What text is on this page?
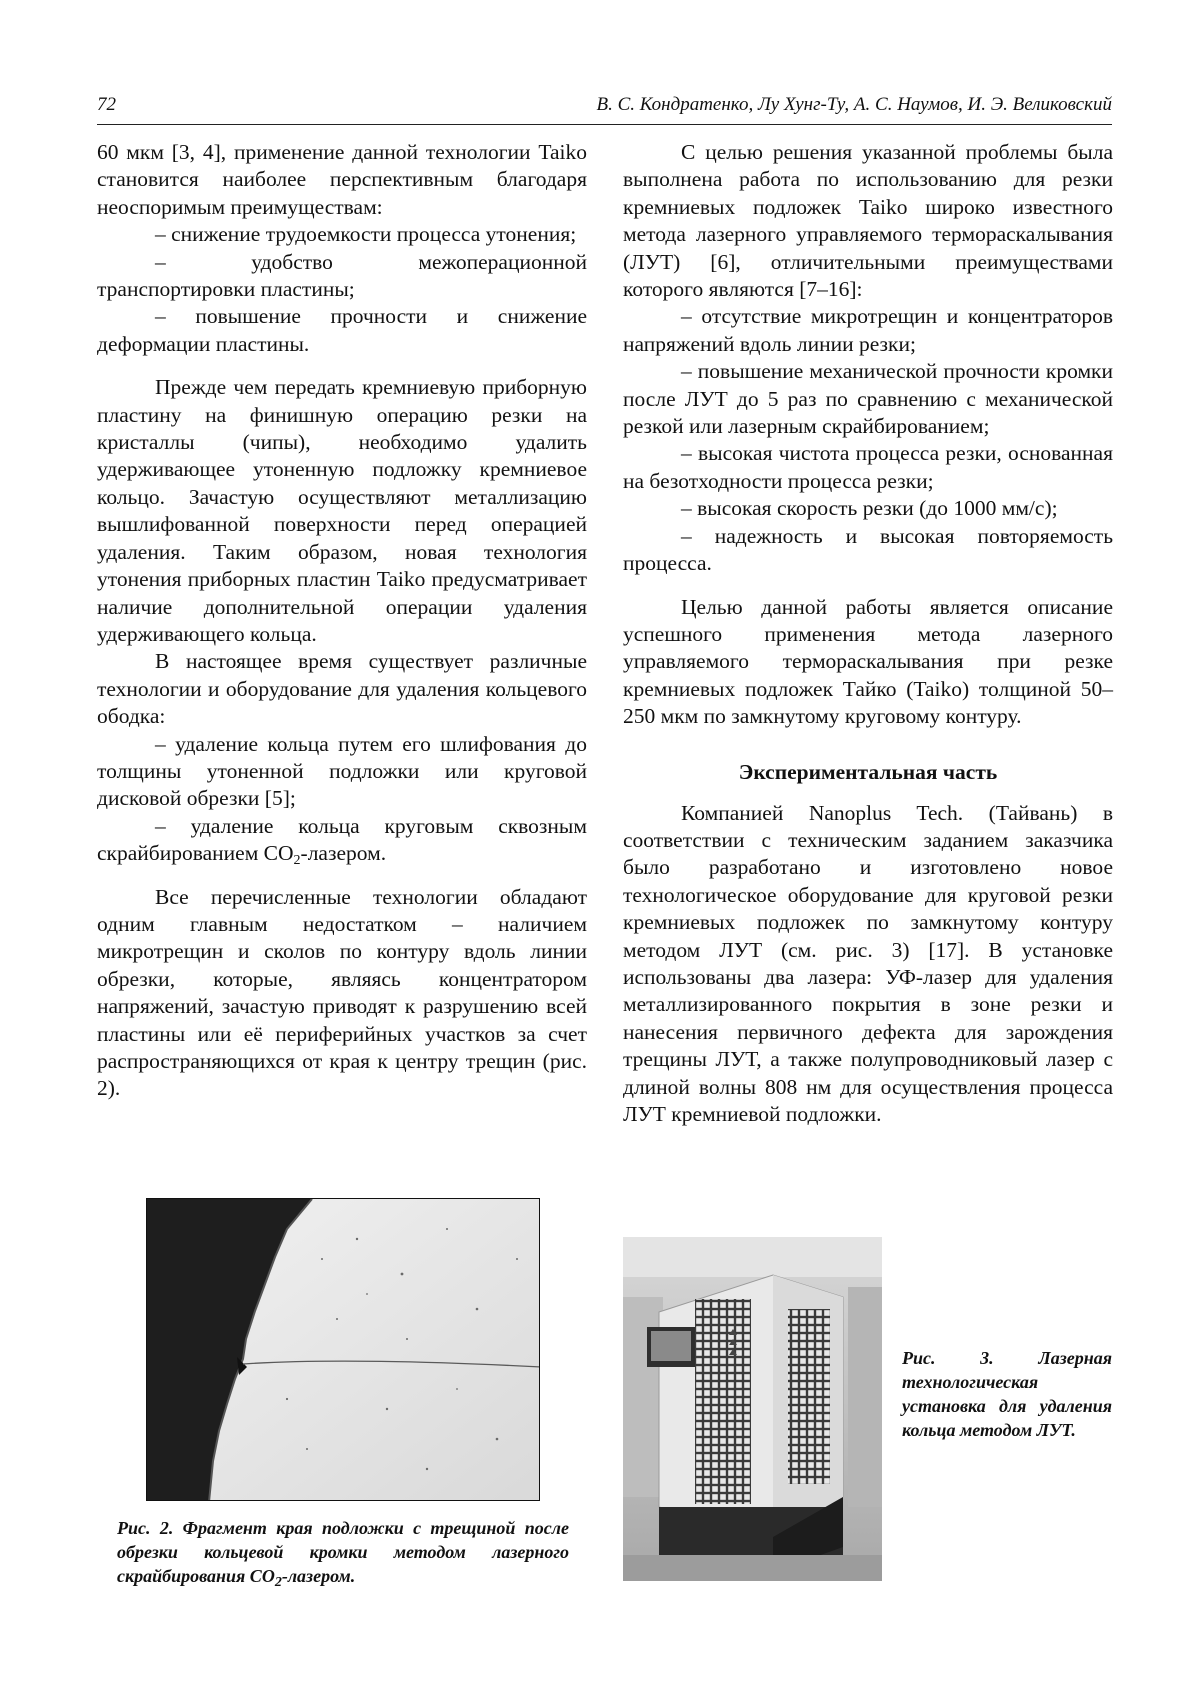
72	В. С. Кондратенко, Лу Хунг-Ту, А. С. Наумов, И. Э. Великовский

60 мкм [3, 4], применение данной технологии Taiko становится наиболее перспективным благодаря неоспоримым преимуществам:

– снижение трудоемкости процесса утонения;

– удобство межоперационной транспортировки пластины;

– повышение прочности и снижение деформации пластины.

Прежде чем передать кремниевую приборную пластину на финишную операцию резки на кристаллы (чипы), необходимо удалить удерживающее утоненную подложку кремниевое кольцо. Зачастую осуществляют металлизацию вышлифованной поверхности перед операцией удаления. Таким образом, новая технология утонения приборных пластин Taiko предусматривает наличие дополнительной операции удаления удерживающего кольца.

В настоящее время существует различные технологии и оборудование для удаления кольцевого ободка:

– удаление кольца путем его шлифования до толщины утоненной подложки или круговой дисковой обрезки [5];

– удаление кольца круговым сквозным скрайбированием $CO_2$-лазером.

Все перечисленные технологии обладают одним главным недостатком – наличием микротрещин и сколов по контуру вдоль линии обрезки, которые, являясь концентратором напряжений, зачастую приводят к разрушению всей пластины или её периферийных участков за счет распространяющихся от края к центру трещин (рис. 2).

С целью решения указанной проблемы была выполнена работа по использованию для резки кремниевых подложек Taiko широко известного метода лазерного управляемого термораскалывания (ЛУТ) [6], отличительными преимуществами которого являются [7–16]:

– отсутствие микротрещин и концентраторов напряжений вдоль линии резки;

– повышение механической прочности кромки после ЛУТ до 5 раз по сравнению с механической резкой или лазерным скрайбированием;

– высокая чистота процесса резки, основанная на безотходности процесса резки;

– высокая скорость резки (до 1000 мм/с);

– надежность и высокая повторяемость процесса.

Целью данной работы является описание успешного применения метода лазерного управляемого термораскалывания при резке кремниевых подложек Тайко (Taiko) толщиной 50–250 мкм по замкнутому круговому контуру.

Экспериментальная часть

Компанией Nanoplus Tech. (Тайвань) в соответствии с техническим заданием заказчика было разработано и изготовлено новое технологическое оборудование для круговой резки кремниевых подложек по замкнутому контуру методом ЛУТ (см. рис. 3) [17]. В установке использованы два лазера: УФ-лазер для удаления металлизированного покрытия в зоне резки и нанесения первичного дефекта для зарождения трещины ЛУТ, а также полупроводниковый лазер с длиной волны 808 нм для осуществления процесса ЛУТ кремниевой подложки.

Рис. 2. Фрагмент края подложки с трещиной после обрезки кольцевой кромки методом лазерного скрайбирования $CO_2$-лазером.
Рис. 3. Лазерная технологическая установка для удаления кольца методом ЛУТ.
